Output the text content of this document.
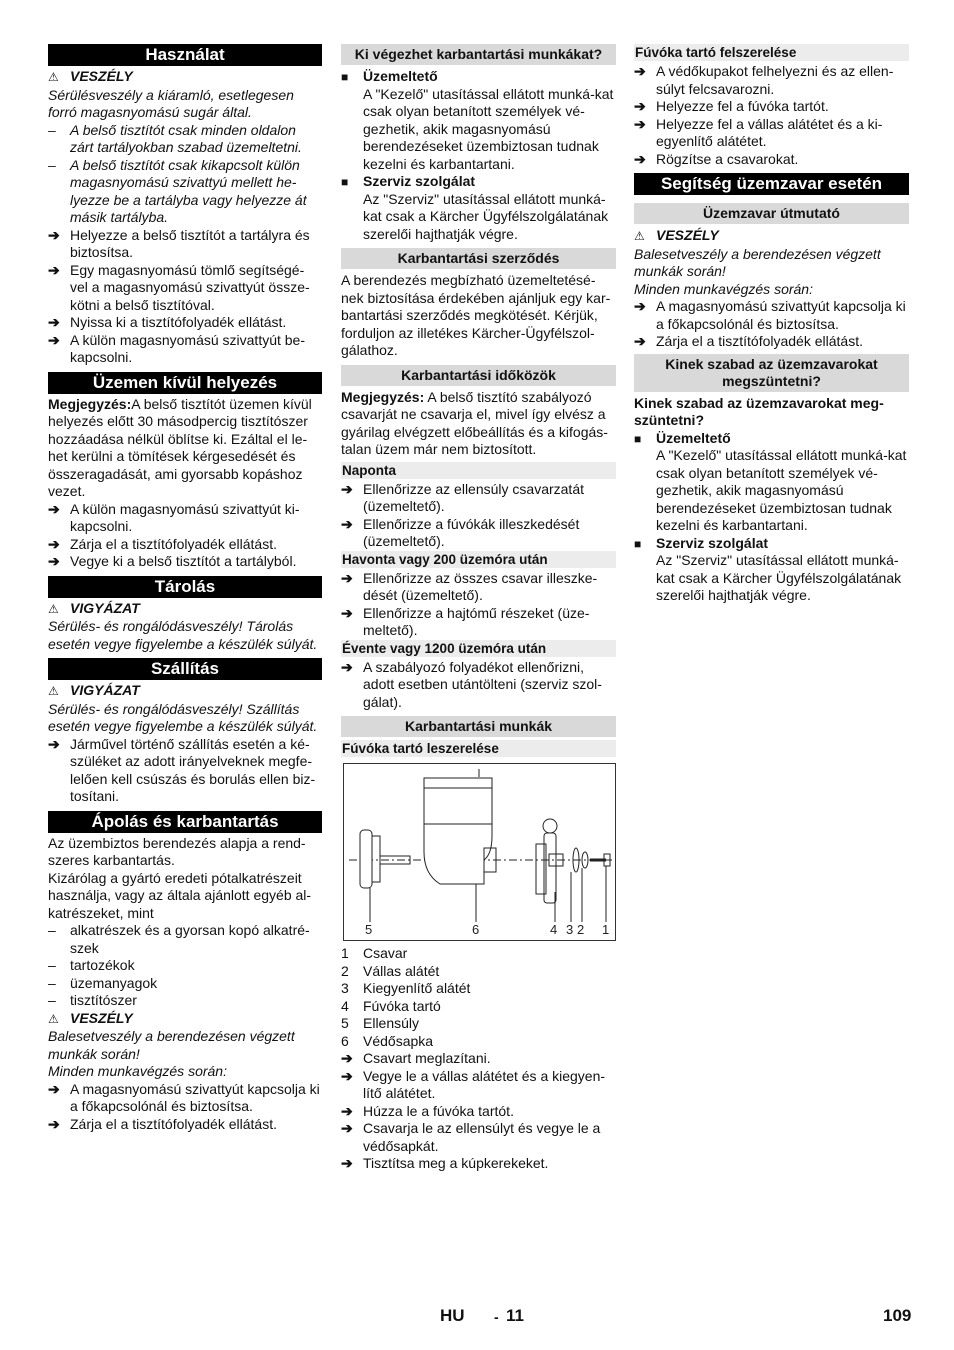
Használat
⚠ VESZÉLY

Sérülésveszély a kiáramló, esetlegesen forró magasnyomású sugár által.

–	A belső tisztítót csak minden oldalon zárt tartályokban szabad üzemeltetni.
–	A belső tisztítót csak kikapcsolt külön magasnyomású szivattyú mellett he-lyezze be a tartályba vagy helyezze át másik tartályba.
➔ Helyezze a belső tisztítót a tartályra és biztosítsa.
➔ Egy magasnyomású tömlő segítségé-vel a magasnyomású szivattyút össze-kötni a belső tisztítóval.
➔ Nyissa ki a tisztítófolyadék ellátást.
➔ A külön magasnyomású szivattyút be-kapcsolni.
Üzemen kívül helyezés

Megjegyzés:A belső tisztítót üzemen kívül helyezés előtt 30 másodpercig tisztítószer hozzáadása nélkül öblítse ki. Ezáltal el le-het kerülni a tömítések kérgesedését és összeragadását, ami gyorsabb kopáshoz vezet.

➔ A külön magasnyomású szivattyút ki-kapcsolni.
➔ Zárja el a tisztítófolyadék ellátást.
➔ Vegye ki a belső tisztítót a tartályból.
Tárolás
⚠ VIGYÁZAT

Sérülés- és rongálódásveszély! Tárolás esetén vegye figyelembe a készülék súlyát.

Szállítás
⚠ VIGYÁZAT

Sérülés- és rongálódásveszély! Szállítás esetén vegye figyelembe a készülék súlyát.

➔ Járművel történő szállítás esetén a ké-szüléket az adott irányelveknek megfe-lelően kell csúszás és borulás ellen biz-tosítani.
Ápolás és karbantartás

Az üzembiztos berendezés alapja a rend-szeres karbantartás.

Kizárólag a gyártó eredeti pótalkatrészeit használja, vagy az általa ajánlott egyéb al-katrészeket, mint

–	alkatrészek és a gyorsan kopó alkatré-szek
–	tartozékok
–	üzemanyagok
–	tisztítószer
⚠ VESZÉLY

Balesetveszély a berendezésen végzett munkák során!

Minden munkavégzés során:

➔ A magasnyomású szivattyút kapcsolja ki a főkapcsolónál és biztosítsa.
➔ Zárja el a tisztítófolyadék ellátást.
Ki végezhet karbantartási munkákat?
■	Üzemeltető

A "Kezelő" utasítással ellátott munká-kat csak olyan betanított személyek vé-gezhetik, akik magasnyomású berendezéseket üzembiztosan tudnak kezelni és karbantartani.

■	Szerviz szolgálat

Az "Szerviz" utasítással ellátott munká-kat csak a Kärcher Ügyfélszolgálatának szerelői hajthatják végre.

Karbantartási szerződés

A berendezés megbízható üzemeltetésé-nek biztosítása érdekében ajánljuk egy kar-bantartási szerződés megkötését. Kérjük, forduljon az illetékes Kärcher-Ügyfélszol-gálathoz.

Karbantartási időközök

Megjegyzés: A belső tisztító szabályozó csavarját ne csavarja el, mivel így elvész a gyárilag elvégzett előbeállítás és a kifogás-talan üzem már nem biztosított.

Naponta
➔ Ellenőrizze az ellensúly csavarzatát (üzemeltető).
➔ Ellenőrizze a fúvókák illeszkedését (üzemeltető).
Havonta vagy 200 üzemóra után
➔ Ellenőrizze az összes csavar illeszke-dését (üzemeltető).
➔ Ellenőrizze a hajtómű részeket (üze-meltető).
Évente vagy 1200 üzemóra után
➔ A szabályozó folyadékot ellenőrizni, adott esetben utántölteni (szerviz szol-gálat).
Karbantartási munkák
Fúvóka tartó leszerelése
5	6	4 3 2 1
1	Csavar
2	Vállas alátét
3	Kiegyenlítő alátét
4	Fúvóka tartó
5	Ellensúly
6	Védősapka
➔ Csavart meglazítani.
➔ Vegye le a vállas alátétet és a kiegyen-lítő alátétet.
➔ Húzza le a fúvóka tartót.
➔ Csavarja le az ellensúlyt és vegye le a védősapkát.
➔ Tisztítsa meg a kúpkerekeket.
Fúvóka tartó felszerelése
➔ A védőkupakot felhelyezni és az ellen-súlyt felcsavarozni.
➔ Helyezze fel a fúvóka tartót.
➔ Helyezze fel a vállas alátétet és a ki-egyenlítő alátétet.
➔ Rögzítse a csavarokat.
Segítség üzemzavar esetén
Üzemzavar útmutató
⚠ VESZÉLY

Balesetveszély a berendezésen végzett munkák során!

Minden munkavégzés során:

➔ A magasnyomású szivattyút kapcsolja ki a főkapcsolónál és biztosítsa.
➔ Zárja el a tisztítófolyadék ellátást.
Kinek szabad az üzemzavarokat megszüntetni?

Kinek szabad az üzemzavarokat meg-szüntetni?

■	Üzemeltető

A "Kezelő" utasítással ellátott munká-kat csak olyan betanított személyek vé-gezhetik, akik magasnyomású berendezéseket üzembiztosan tudnak kezelni és karbantartani.

■	Szerviz szolgálat

Az "Szerviz" utasítással ellátott munká-kat csak a Kärcher Ügyfélszolgálatának szerelői hajthatják végre.

HU - 11	109
